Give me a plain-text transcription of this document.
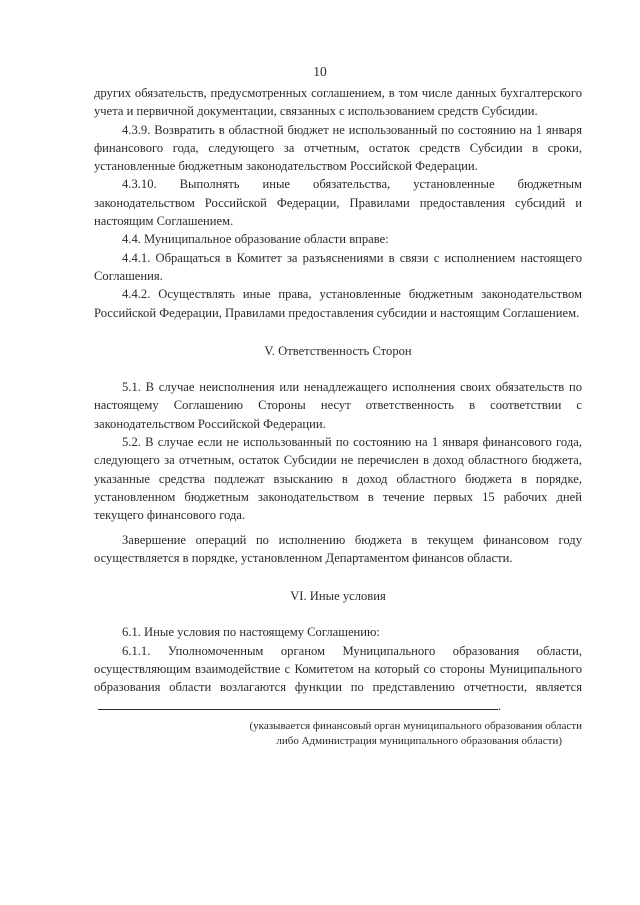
10

других обязательств, предусмотренных соглашением, в том числе данных бухгалтерского учета и первичной документации, связанных с использованием средств Субсидии.

4.3.9. Возвратить в областной бюджет не использованный по состоянию на 1 января финансового года, следующего за отчетным, остаток средств Субсидии в сроки, установленные бюджетным законодательством Российской Федерации.

4.3.10. Выполнять иные обязательства, установленные бюджетным законодательством Российской Федерации, Правилами предоставления субсидий и настоящим Соглашением.

4.4. Муниципальное образование области вправе:

4.4.1. Обращаться в Комитет за разъяснениями в связи с исполнением настоящего Соглашения.

4.4.2. Осуществлять иные права, установленные бюджетным законодательством Российской Федерации, Правилами предоставления субсидии и настоящим Соглашением.

V. Ответственность Сторон

5.1. В случае неисполнения или ненадлежащего исполнения своих обязательств по настоящему Соглашению Стороны несут ответственность в соответствии с законодательством Российской Федерации.

5.2. В случае если не использованный по состоянию на 1 января финансового года, следующего за отчетным, остаток Субсидии не перечислен в доход областного бюджета, указанные средства подлежат взысканию в доход областного бюджета в порядке, установленном бюджетным законодательством в течение первых 15 рабочих дней текущего финансового года.

Завершение операций по исполнению бюджета в текущем финансовом году осуществляется в порядке, установленном Департаментом финансов области.

VI. Иные условия

6.1. Иные условия по настоящему Соглашению:

6.1.1. Уполномоченным органом Муниципального образования области, осуществляющим взаимодействие с Комитетом на который со стороны Муниципального образования области возлагаются функции по представлению отчетности, является.

(указывается финансовый орган муниципального образования области
либо Администрация муниципального образования области)
